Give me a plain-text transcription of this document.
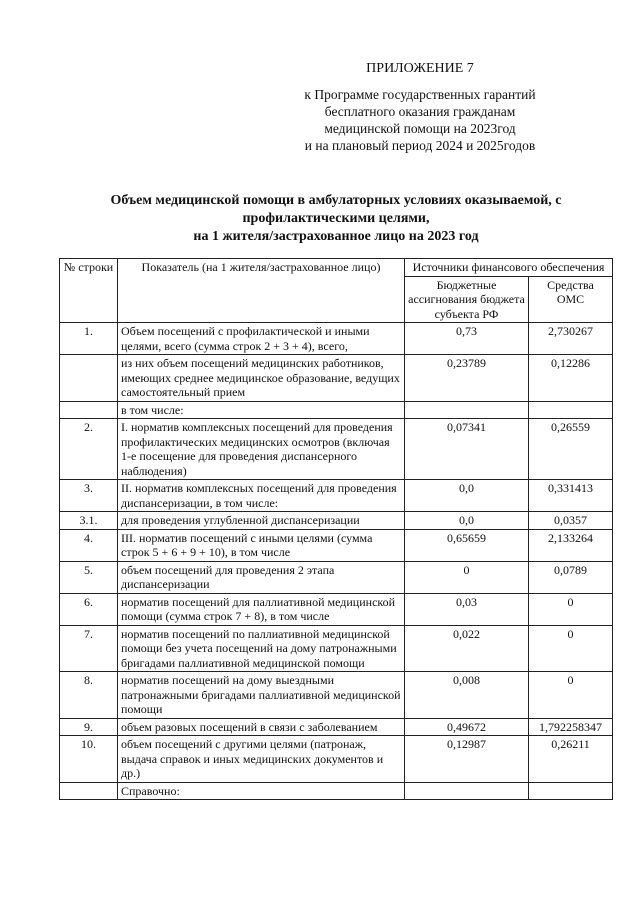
ПРИЛОЖЕНИЕ 7
к Программе государственных гарантий
бесплатного оказания гражданам
медицинской помощи на 2023год
и на плановый период 2024 и 2025годов
Объем медицинской помощи в амбулаторных условиях оказываемой, с
профилактическими целями,
на 1 жителя/застрахованное лицо на 2023 год
№ строки	Показатель (на 1 жителя/застрахованное лицо)	Источники финансового обеспечения	
		Бюджетные ассигнования бюджета субъекта РФ	Средства ОМС
1.	Объем посещений с профилактической и иными целями, всего (сумма строк 2 + 3 + 4), всего,	0,73	2,730267
	из них объем посещений медицинских работников, имеющих среднее медицинское образование, ведущих самостоятельный прием	0,23789	0,12286
	в том числе:		
2.	I. норматив комплексных посещений для проведения профилактических медицинских осмотров (включая 1-е посещение для проведения диспансерного наблюдения)	0,07341	0,26559
3.	II. норматив комплексных посещений для проведения диспансеризации, в том числе:	0,0	0,331413
3.1.	для проведения углубленной диспансеризации	0,0	0,0357
4.	III. норматив посещений с иными целями (сумма строк 5 + 6 + 9 + 10), в том числе	0,65659	2,133264
5.	объем посещений для проведения 2 этапа диспансеризации	0	0,0789
6.	норматив посещений для паллиативной медицинской помощи (сумма строк 7 + 8), в том числе	0,03	0
7.	норматив посещений по паллиативной медицинской помощи без учета посещений на дому патронажными бригадами паллиативной медицинской помощи	0,022	0
8.	норматив посещений на дому выездными патронажными бригадами паллиативной медицинской помощи	0,008	0
9.	объем разовых посещений в связи с заболеванием	0,49672	1,792258347
10.	объем посещений с другими целями (патронаж, выдача справок и иных медицинских документов и др.)	0,12987	0,26211
	Справочно:		
